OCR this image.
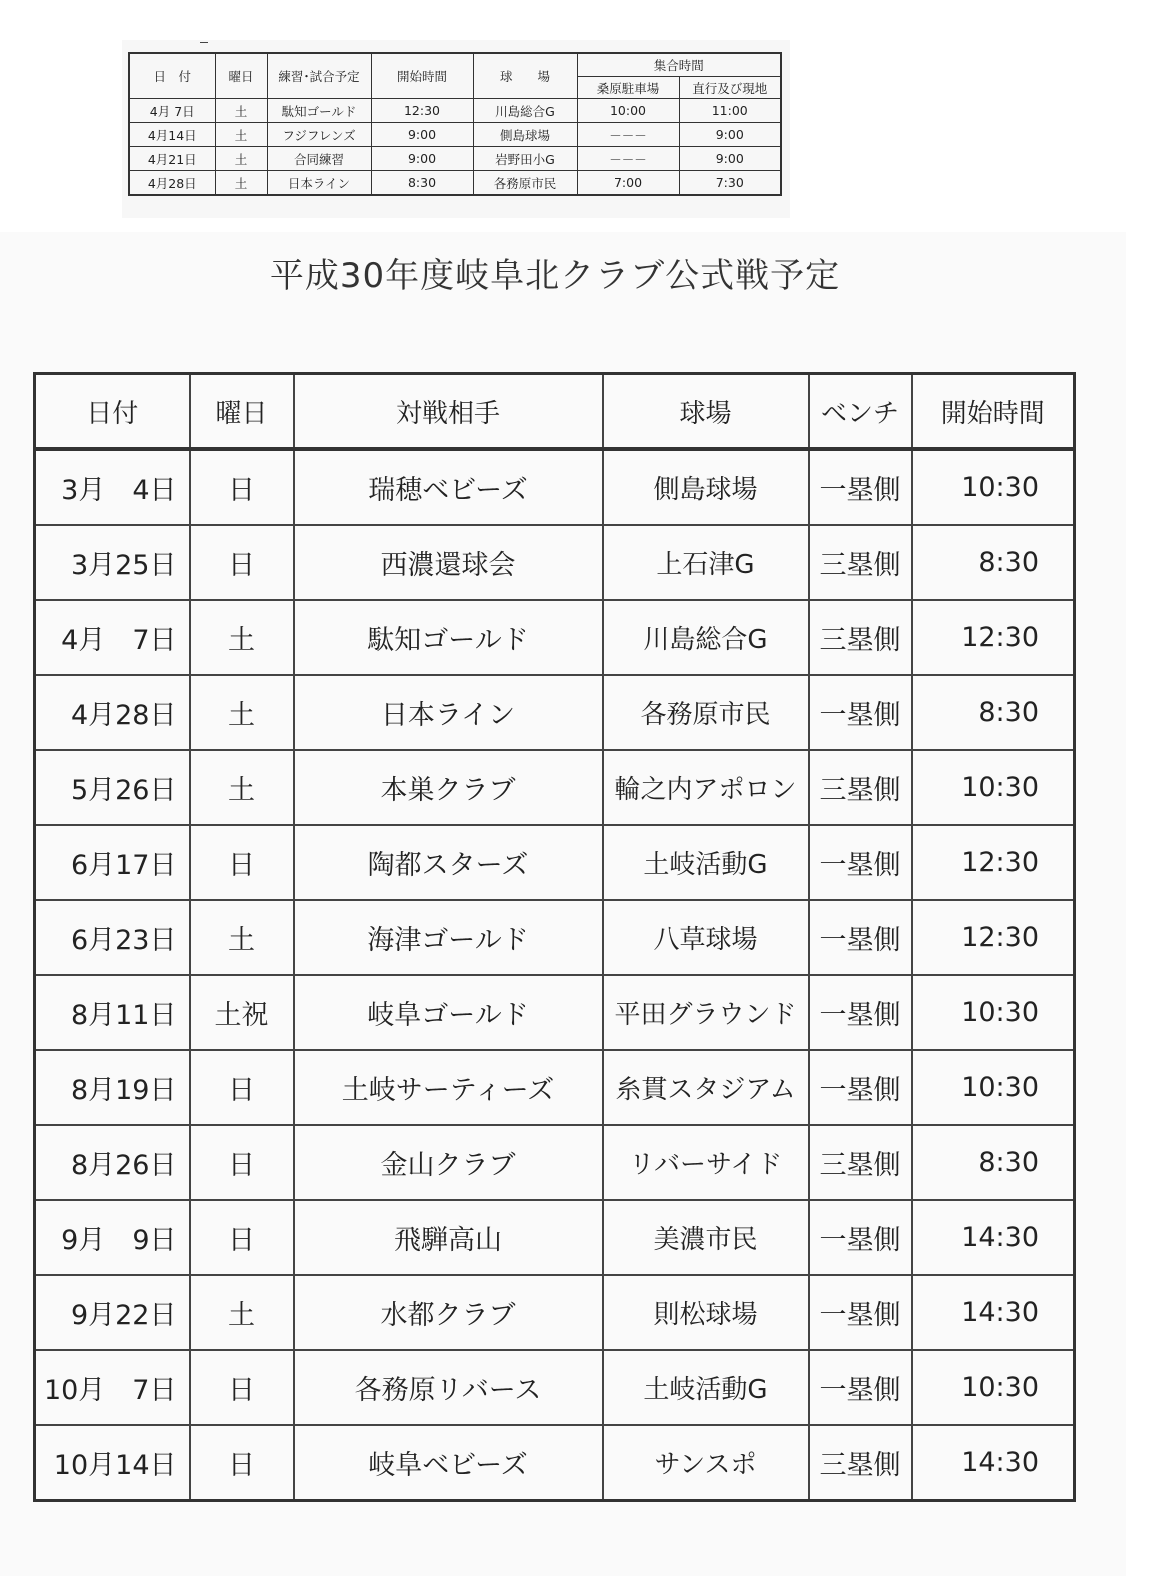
日　付	曜日	練習･試合予定	開始時間	球　　場	集合時間	
					桑原駐車場	直行及び現地
4月 7日	土	駄知ゴールド	12:30	川島総合G	10:00	11:00
4月14日	土	フジフレンズ	9:00	側島球場	－－－	9:00
4月21日	土	合同練習	9:00	岩野田小G	－－－	9:00
4月28日	土	日本ライン	8:30	各務原市民	7:00	7:30
平成30年度岐阜北クラブ公式戦予定
日付	曜日	対戦相手	球場	ベンチ	開始時間
3月　4日	日	瑞穂ベビーズ	側島球場	一塁側	10:30
3月25日	日	西濃還球会	上石津G	三塁側	8:30
4月　7日	土	駄知ゴールド	川島総合G	三塁側	12:30
4月28日	土	日本ライン	各務原市民	一塁側	8:30
5月26日	土	本巣クラブ	輪之内アポロン	三塁側	10:30
6月17日	日	陶都スターズ	土岐活動G	一塁側	12:30
6月23日	土	海津ゴールド	八草球場	一塁側	12:30
8月11日	土祝	岐阜ゴールド	平田グラウンド	一塁側	10:30
8月19日	日	土岐サーティーズ	糸貫スタジアム	一塁側	10:30
8月26日	日	金山クラブ	リバーサイド	三塁側	8:30
9月　9日	日	飛騨高山	美濃市民	一塁側	14:30
9月22日	土	水都クラブ	則松球場	一塁側	14:30
10月　7日	日	各務原リバース	土岐活動G	一塁側	10:30
10月14日	日	岐阜ベビーズ	サンスポ	三塁側	14:30
